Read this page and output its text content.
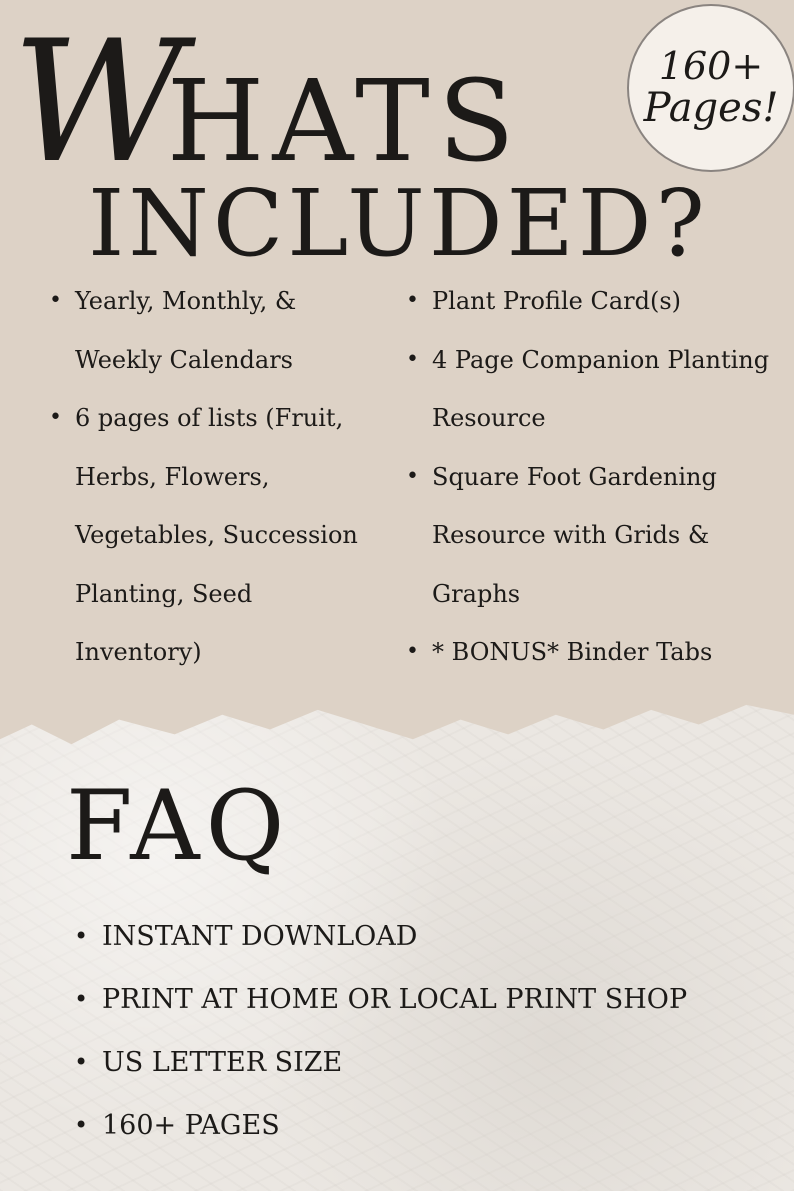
WHATS
INCLUDED?
160+
Pages!
• Yearly, Monthly, & Weekly Calendars
• 6 pages of lists (Fruit, Herbs, Flowers, Vegetables, Succession Planting, Seed Inventory)
• Plant Profile Card(s)
• 4 Page Companion Planting Resource
• Square Foot Gardening Resource with Grids & Graphs
• * BONUS* Binder Tabs
FAQ
• INSTANT DOWNLOAD
• PRINT AT HOME OR LOCAL PRINT SHOP
• US LETTER SIZE
• 160+ PAGES
